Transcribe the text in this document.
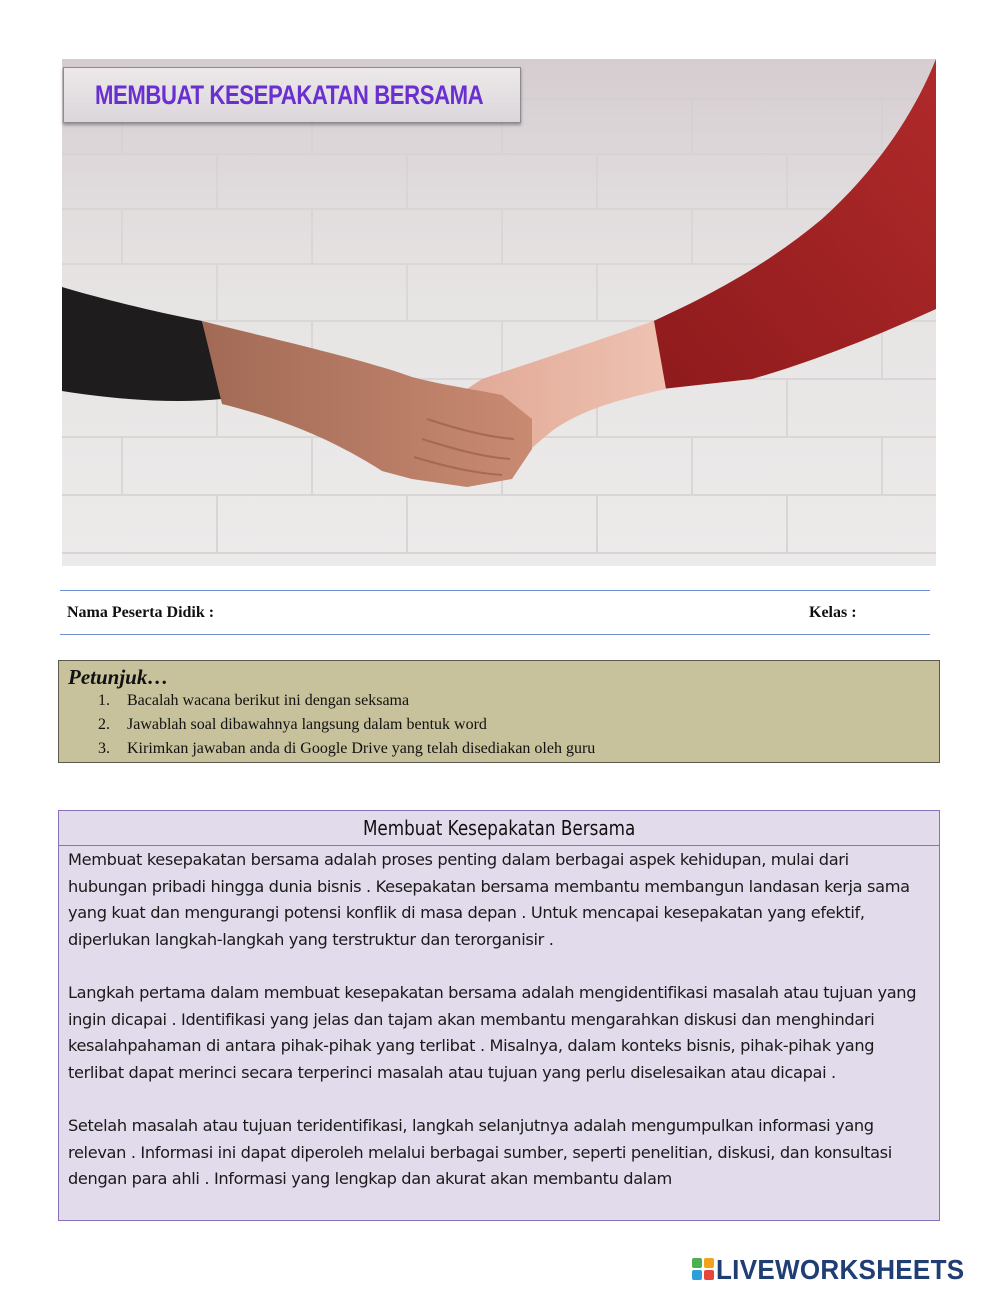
MEMBUAT KESEPAKATAN BERSAMA
Nama Peserta Didik :	Kelas :
Petunjuk…
1. Bacalah wacana berikut ini dengan seksama
2. Jawablah soal dibawahnya langsung dalam bentuk word
3. Kirimkan jawaban anda di Google Drive yang telah disediakan oleh guru
Membuat Kesepakatan Bersama

Membuat kesepakatan bersama adalah proses penting dalam berbagai aspek kehidupan, mulai dari hubungan pribadi hingga dunia bisnis . Kesepakatan bersama membantu membangun landasan kerja sama yang kuat dan mengurangi potensi konflik di masa depan . Untuk mencapai kesepakatan yang efektif, diperlukan langkah-langkah yang terstruktur dan terorganisir .

Langkah pertama dalam membuat kesepakatan bersama adalah mengidentifikasi masalah atau tujuan yang ingin dicapai . Identifikasi yang jelas dan tajam akan membantu mengarahkan diskusi dan menghindari kesalahpahaman di antara pihak-pihak yang terlibat . Misalnya, dalam konteks bisnis, pihak-pihak yang terlibat dapat merinci secara terperinci masalah atau tujuan yang perlu diselesaikan atau dicapai .

Setelah masalah atau tujuan teridentifikasi, langkah selanjutnya adalah mengumpulkan informasi yang relevan . Informasi ini dapat diperoleh melalui berbagai sumber, seperti penelitian, diskusi, dan konsultasi dengan para ahli . Informasi yang lengkap dan akurat akan membantu dalam

LIVEWORKSHEETS
